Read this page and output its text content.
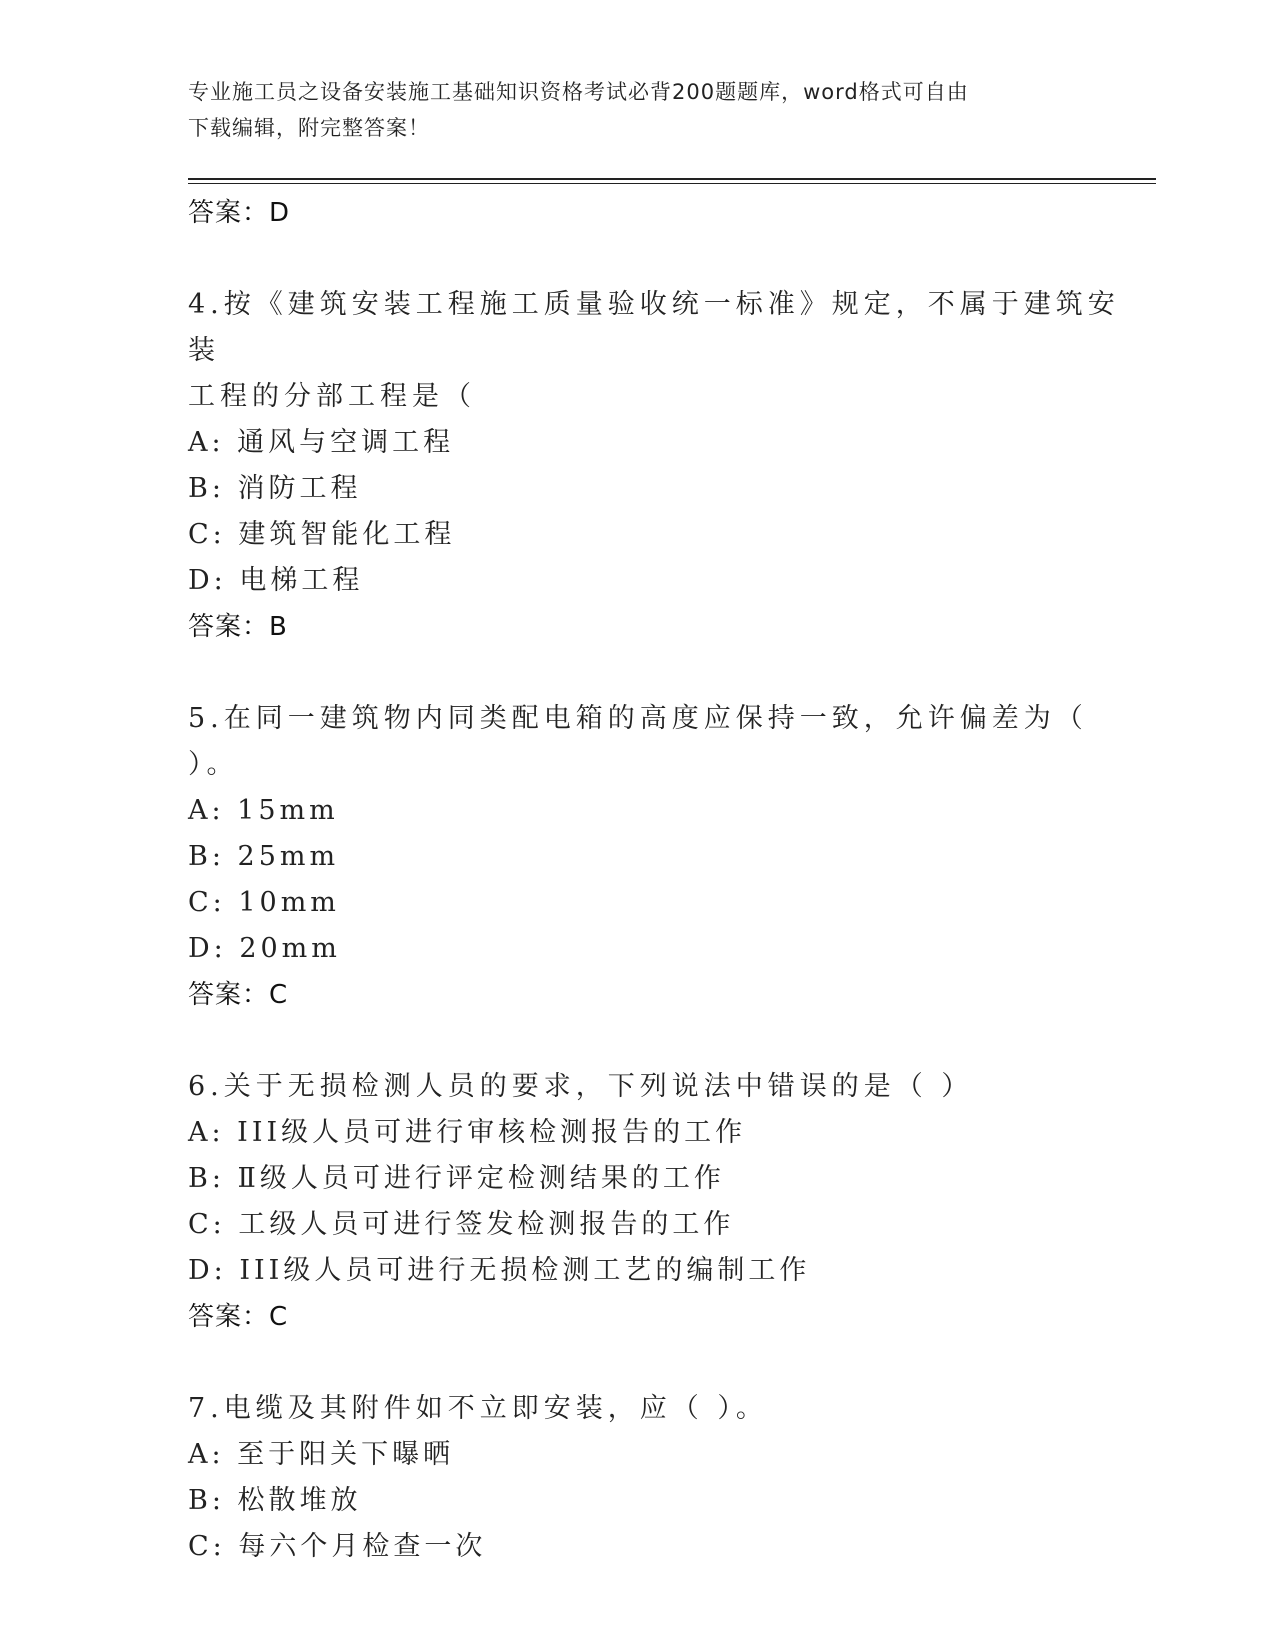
专业施工员之设备安装施工基础知识资格考试必背200题题库，word格式可自由
下载编辑，附完整答案！
答案：D
4.按《建筑安装工程施工质量验收统一标准》规定，不属于建筑安装
工程的分部工程是（
A: 通风与空调工程
B: 消防工程
C: 建筑智能化工程
D: 电梯工程
答案：B
5.在同一建筑物内同类配电箱的高度应保持一致，允许偏差为（ ）。
A: 15mm
B: 25mm
C: 10mm
D: 20mm
答案：C
6.关于无损检测人员的要求，下列说法中错误的是（ ）
A: III级人员可进行审核检测报告的工作
B: Ⅱ级人员可进行评定检测结果的工作
C: 工级人员可进行签发检测报告的工作
D: III级人员可进行无损检测工艺的编制工作
答案：C
7.电缆及其附件如不立即安装，应（ ）。
A: 至于阳关下曝晒
B: 松散堆放
C: 每六个月检查一次
